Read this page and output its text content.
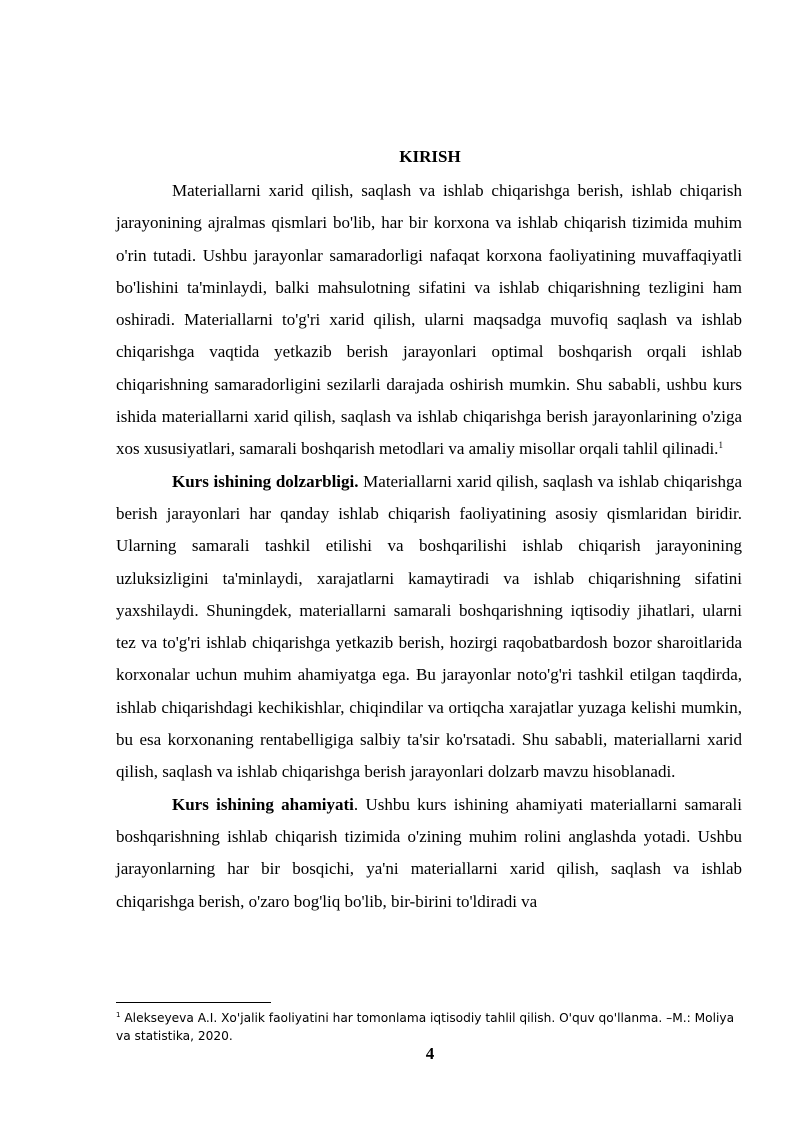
KIRISH

Materiallarni xarid qilish, saqlash va ishlab chiqarishga berish, ishlab chiqarish jarayonining ajralmas qismlari bo'lib, har bir korxona va ishlab chiqarish tizimida muhim o'rin tutadi. Ushbu jarayonlar samaradorligi nafaqat korxona faoliyatining muvaffaqiyatli bo'lishini ta'minlaydi, balki mahsulotning sifatini va ishlab chiqarishning tezligini ham oshiradi. Materiallarni to'g'ri xarid qilish, ularni maqsadga muvofiq saqlash va ishlab chiqarishga vaqtida yetkazib berish jarayonlari optimal boshqarish orqali ishlab chiqarishning samaradorligini sezilarli darajada oshirish mumkin. Shu sababli, ushbu kurs ishida materiallarni xarid qilish, saqlash va ishlab chiqarishga berish jarayonlarining o'ziga xos xususiyatlari, samarali boshqarish metodlari va amaliy misollar orqali tahlil qilinadi.$^1$

Kurs ishining dolzarbligi. Materiallarni xarid qilish, saqlash va ishlab chiqarishga berish jarayonlari har qanday ishlab chiqarish faoliyatining asosiy qismlaridan biridir. Ularning samarali tashkil etilishi va boshqarilishi ishlab chiqarish jarayonining uzluksizligini ta'minlaydi, xarajatlarni kamaytiradi va ishlab chiqarishning sifatini yaxshilaydi. Shuningdek, materiallarni samarali boshqarishning iqtisodiy jihatlari, ularni tez va to'g'ri ishlab chiqarishga yetkazib berish, hozirgi raqobatbardosh bozor sharoitlarida korxonalar uchun muhim ahamiyatga ega. Bu jarayonlar noto'g'ri tashkil etilgan taqdirda, ishlab chiqarishdagi kechikishlar, chiqindilar va ortiqcha xarajatlar yuzaga kelishi mumkin, bu esa korxonaning rentabelligiga salbiy ta'sir ko'rsatadi. Shu sababli, materiallarni xarid qilish, saqlash va ishlab chiqarishga berish jarayonlari dolzarb mavzu hisoblanadi.

Kurs ishining ahamiyati. Ushbu kurs ishining ahamiyati materiallarni samarali boshqarishning ishlab chiqarish tizimida o'zining muhim rolini anglashda yotadi. Ushbu jarayonlarning har bir bosqichi, ya'ni materiallarni xarid qilish, saqlash va ishlab chiqarishga berish, o'zaro bog'liq bo'lib, bir-birini to'ldiradi va

$^1$ Alekseyeva A.I. Xo'jalik faoliyatini har tomonlama iqtisodiy tahlil qilish. O'quv qo'llanma. –M.: Moliya va statistika, 2020.
4
